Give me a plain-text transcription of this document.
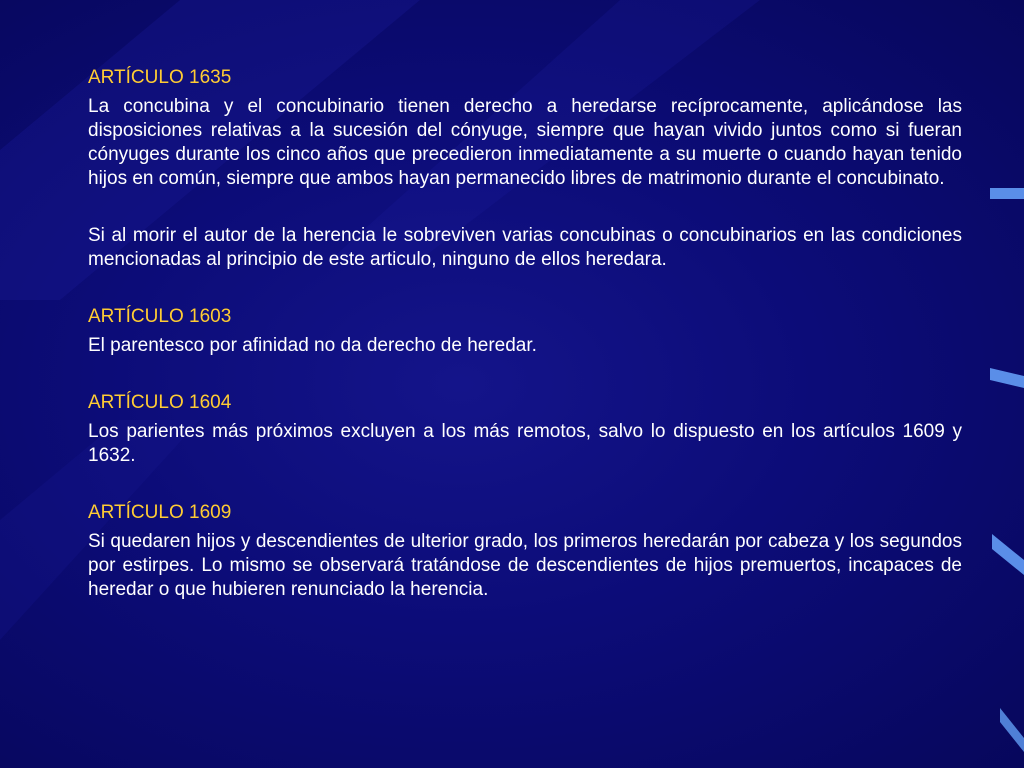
ARTÍCULO 1635

La concubina y el concubinario tienen derecho a heredarse recíprocamente, aplicándose las disposiciones relativas a la sucesión del cónyuge, siempre que hayan vivido juntos como si fueran cónyuges durante los cinco años que precedieron inmediatamente a su muerte o cuando hayan tenido hijos en común, siempre que ambos hayan permanecido libres de matrimonio durante el concubinato.

Si al morir el autor de la herencia le sobreviven varias concubinas o concubinarios en las condiciones mencionadas al principio de este articulo, ninguno de ellos heredara.

ARTÍCULO 1603

El parentesco por afinidad no da derecho de heredar.

ARTÍCULO 1604

Los parientes más próximos excluyen a los más remotos, salvo lo dispuesto en los artículos 1609 y 1632.

ARTÍCULO 1609

Si quedaren hijos y descendientes de ulterior grado, los primeros heredarán por cabeza y los segundos por estirpes. Lo mismo se observará tratándose de descendientes de hijos premuertos, incapaces de heredar o que hubieren renunciado la herencia.
